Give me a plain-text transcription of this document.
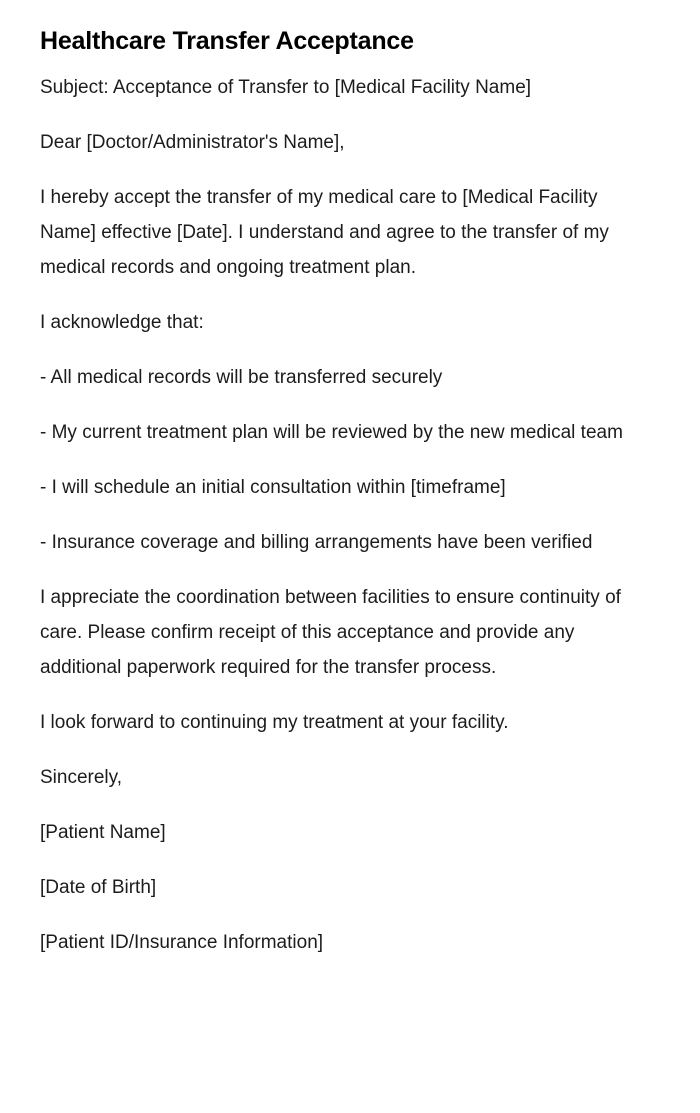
Healthcare Transfer Acceptance

Subject: Acceptance of Transfer to [Medical Facility Name]

Dear [Doctor/Administrator's Name],

I hereby accept the transfer of my medical care to [Medical Facility Name] effective [Date]. I understand and agree to the transfer of my medical records and ongoing treatment plan.

I acknowledge that:

- All medical records will be transferred securely

- My current treatment plan will be reviewed by the new medical team

- I will schedule an initial consultation within [timeframe]

- Insurance coverage and billing arrangements have been verified

I appreciate the coordination between facilities to ensure continuity of care. Please confirm receipt of this acceptance and provide any additional paperwork required for the transfer process.

I look forward to continuing my treatment at your facility.

Sincerely,

[Patient Name]

[Date of Birth]

[Patient ID/Insurance Information]
